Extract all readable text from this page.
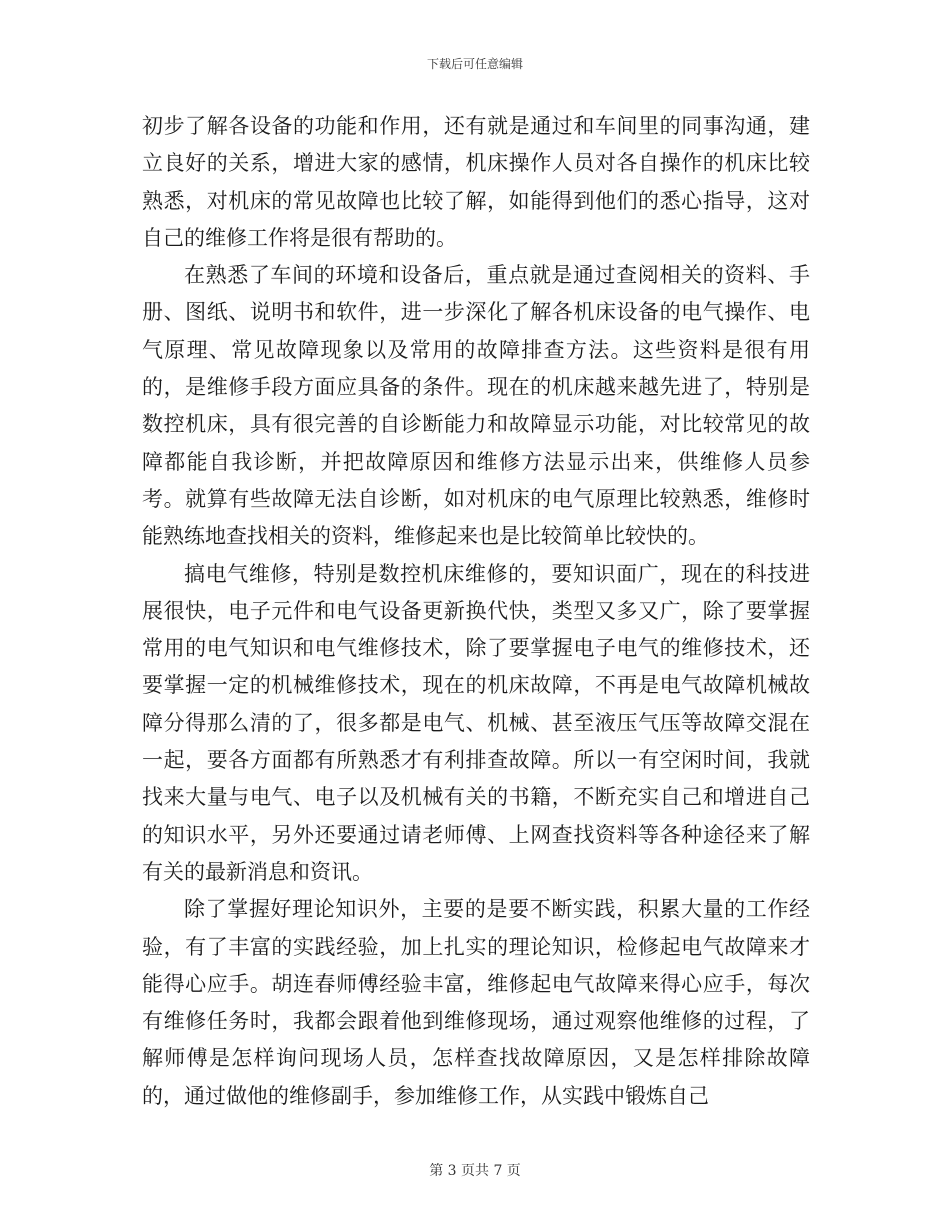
下载后可任意编辑

初步了解各设备的功能和作用，还有就是通过和车间里的同事沟通，建立良好的关系，增进大家的感情，机床操作人员对各自操作的机床比较熟悉，对机床的常见故障也比较了解，如能得到他们的悉心指导，这对自己的维修工作将是很有帮助的。

在熟悉了车间的环境和设备后，重点就是通过查阅相关的资料、手册、图纸、说明书和软件，进一步深化了解各机床设备的电气操作、电气原理、常见故障现象以及常用的故障排查方法。这些资料是很有用的，是维修手段方面应具备的条件。现在的机床越来越先进了，特别是数控机床，具有很完善的自诊断能力和故障显示功能，对比较常见的故障都能自我诊断，并把故障原因和维修方法显示出来，供维修人员参考。就算有些故障无法自诊断，如对机床的电气原理比较熟悉，维修时能熟练地查找相关的资料，维修起来也是比较简单比较快的。

搞电气维修，特别是数控机床维修的，要知识面广，现在的科技进展很快，电子元件和电气设备更新换代快，类型又多又广，除了要掌握常用的电气知识和电气维修技术，除了要掌握电子电气的维修技术，还要掌握一定的机械维修技术，现在的机床故障，不再是电气故障机械故障分得那么清的了，很多都是电气、机械、甚至液压气压等故障交混在一起，要各方面都有所熟悉才有利排查故障。所以一有空闲时间，我就找来大量与电气、电子以及机械有关的书籍，不断充实自己和增进自己的知识水平，另外还要通过请老师傅、上网查找资料等各种途径来了解有关的最新消息和资讯。

除了掌握好理论知识外，主要的是要不断实践，积累大量的工作经验，有了丰富的实践经验，加上扎实的理论知识，检修起电气故障来才能得心应手。胡连春师傅经验丰富，维修起电气故障来得心应手，每次有维修任务时，我都会跟着他到维修现场，通过观察他维修的过程，了解师傅是怎样询问现场人员，怎样查找故障原因，又是怎样排除故障的，通过做他的维修副手，参加维修工作，从实践中锻炼自己

第 3 页共 7 页
